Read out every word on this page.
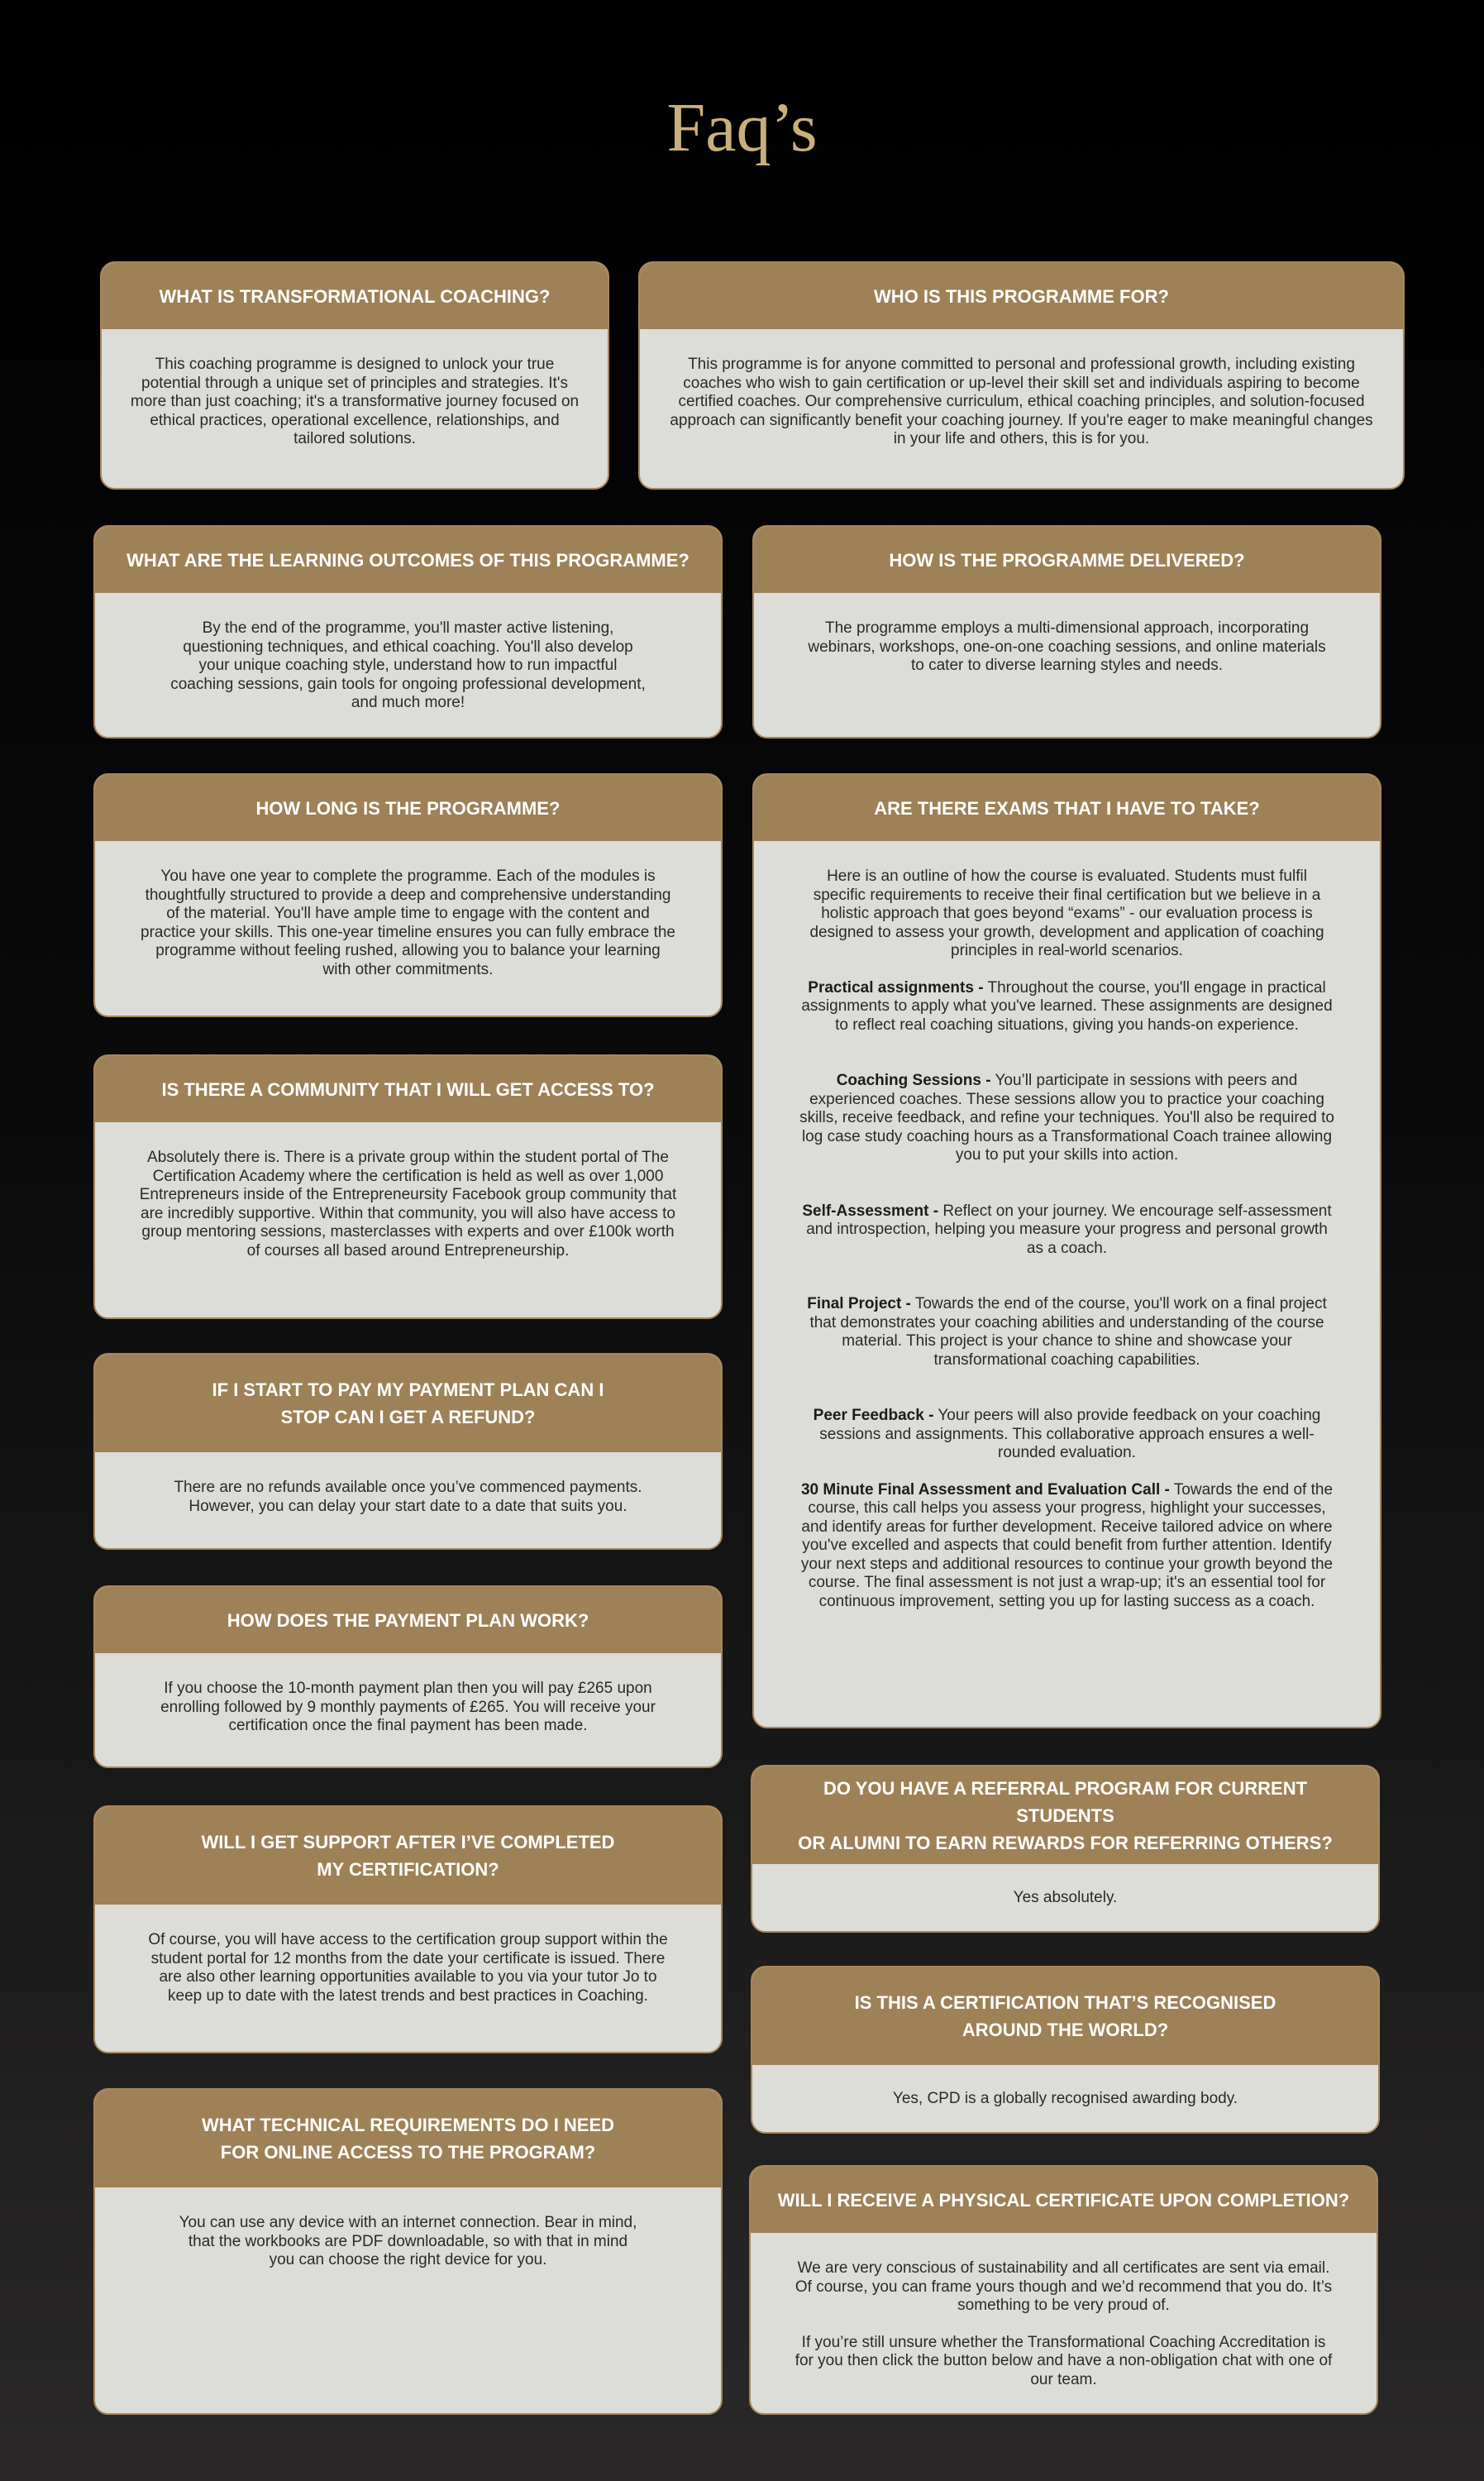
Faq’s
WHAT IS TRANSFORMATIONAL COACHING?

This coaching programme is designed to unlock your true potential through a unique set of principles and strategies. It's more than just coaching; it's a transformative journey focused on ethical practices, operational excellence, relationships, and tailored solutions.

WHO IS THIS PROGRAMME FOR?

This programme is for anyone committed to personal and professional growth, including existing coaches who wish to gain certification or up-level their skill set and individuals aspiring to become certified coaches. Our comprehensive curriculum, ethical coaching principles, and solution-focused approach can significantly benefit your coaching journey. If you're eager to make meaningful changes in your life and others, this is for you.

WHAT ARE THE LEARNING OUTCOMES OF THIS PROGRAMME?

By the end of the programme, you'll master active listening, questioning techniques, and ethical coaching. You'll also develop your unique coaching style, understand how to run impactful coaching sessions, gain tools for ongoing professional development, and much more!

HOW IS THE PROGRAMME DELIVERED?

The programme employs a multi-dimensional approach, incorporating webinars, workshops, one-on-one coaching sessions, and online materials to cater to diverse learning styles and needs.

HOW LONG IS THE PROGRAMME?

You have one year to complete the programme. Each of the modules is thoughtfully structured to provide a deep and comprehensive understanding of the material. You'll have ample time to engage with the content and practice your skills. This one-year timeline ensures you can fully embrace the programme without feeling rushed, allowing you to balance your learning with other commitments.

ARE THERE EXAMS THAT I HAVE TO TAKE?

Here is an outline of how the course is evaluated. Students must fulfil specific requirements to receive their final certification but we believe in a holistic approach that goes beyond “exams” - our evaluation process is designed to assess your growth, development and application of coaching principles in real-world scenarios.

Practical assignments - Throughout the course, you'll engage in practical assignments to apply what you've learned. These assignments are designed to reflect real coaching situations, giving you hands-on experience.

Coaching Sessions - You’ll participate in sessions with peers and experienced coaches. These sessions allow you to practice your coaching skills, receive feedback, and refine your techniques. You'll also be required to log case study coaching hours as a Transformational Coach trainee allowing you to put your skills into action.

Self-Assessment - Reflect on your journey. We encourage self-assessment and introspection, helping you measure your progress and personal growth as a coach.

Final Project - Towards the end of the course, you'll work on a final project that demonstrates your coaching abilities and understanding of the course material. This project is your chance to shine and showcase your transformational coaching capabilities.

Peer Feedback - Your peers will also provide feedback on your coaching sessions and assignments. This collaborative approach ensures a well-rounded evaluation.

30 Minute Final Assessment and Evaluation Call - Towards the end of the course, this call helps you assess your progress, highlight your successes, and identify areas for further development. Receive tailored advice on where you've excelled and aspects that could benefit from further attention. Identify your next steps and additional resources to continue your growth beyond the course. The final assessment is not just a wrap-up; it's an essential tool for continuous improvement, setting you up for lasting success as a coach.

IS THERE A COMMUNITY THAT I WILL GET ACCESS TO?

Absolutely there is. There is a private group within the student portal of The Certification Academy where the certification is held as well as over 1,000 Entrepreneurs inside of the Entrepreneursity Facebook group community that are incredibly supportive. Within that community, you will also have access to group mentoring sessions, masterclasses with experts and over £100k worth of courses all based around Entrepreneurship.

IF I START TO PAY MY PAYMENT PLAN CAN I
STOP CAN I GET A REFUND?

There are no refunds available once you’ve commenced payments. However, you can delay your start date to a date that suits you.

HOW DOES THE PAYMENT PLAN WORK?

If you choose the 10-month payment plan then you will pay £265 upon enrolling followed by 9 monthly payments of £265. You will receive your certification once the final payment has been made.

DO YOU HAVE A REFERRAL PROGRAM FOR CURRENT STUDENTS
OR ALUMNI TO EARN REWARDS FOR REFERRING OTHERS?

Yes absolutely.

WILL I GET SUPPORT AFTER I’VE COMPLETED
MY CERTIFICATION?

Of course, you will have access to the certification group support within the student portal for 12 months from the date your certificate is issued. There are also other learning opportunities available to you via your tutor Jo to keep up to date with the latest trends and best practices in Coaching.	IS THIS A CERTIFICATION THAT’S RECOGNISED
AROUND THE WORLD?

Yes, CPD is a globally recognised awarding body.

WHAT TECHNICAL REQUIREMENTS DO I NEED
FOR ONLINE ACCESS TO THE PROGRAM?

You can use any device with an internet connection. Bear in mind, that the workbooks are PDF downloadable, so with that in mind you can choose the right device for you.

WILL I RECEIVE A PHYSICAL CERTIFICATE UPON COMPLETION?

We are very conscious of sustainability and all certificates are sent via email. Of course, you can frame yours though and we’d recommend that you do. It’s something to be very proud of.

If you’re still unsure whether the Transformational Coaching Accreditation is for you then click the button below and have a non-obligation chat with one of our team.
